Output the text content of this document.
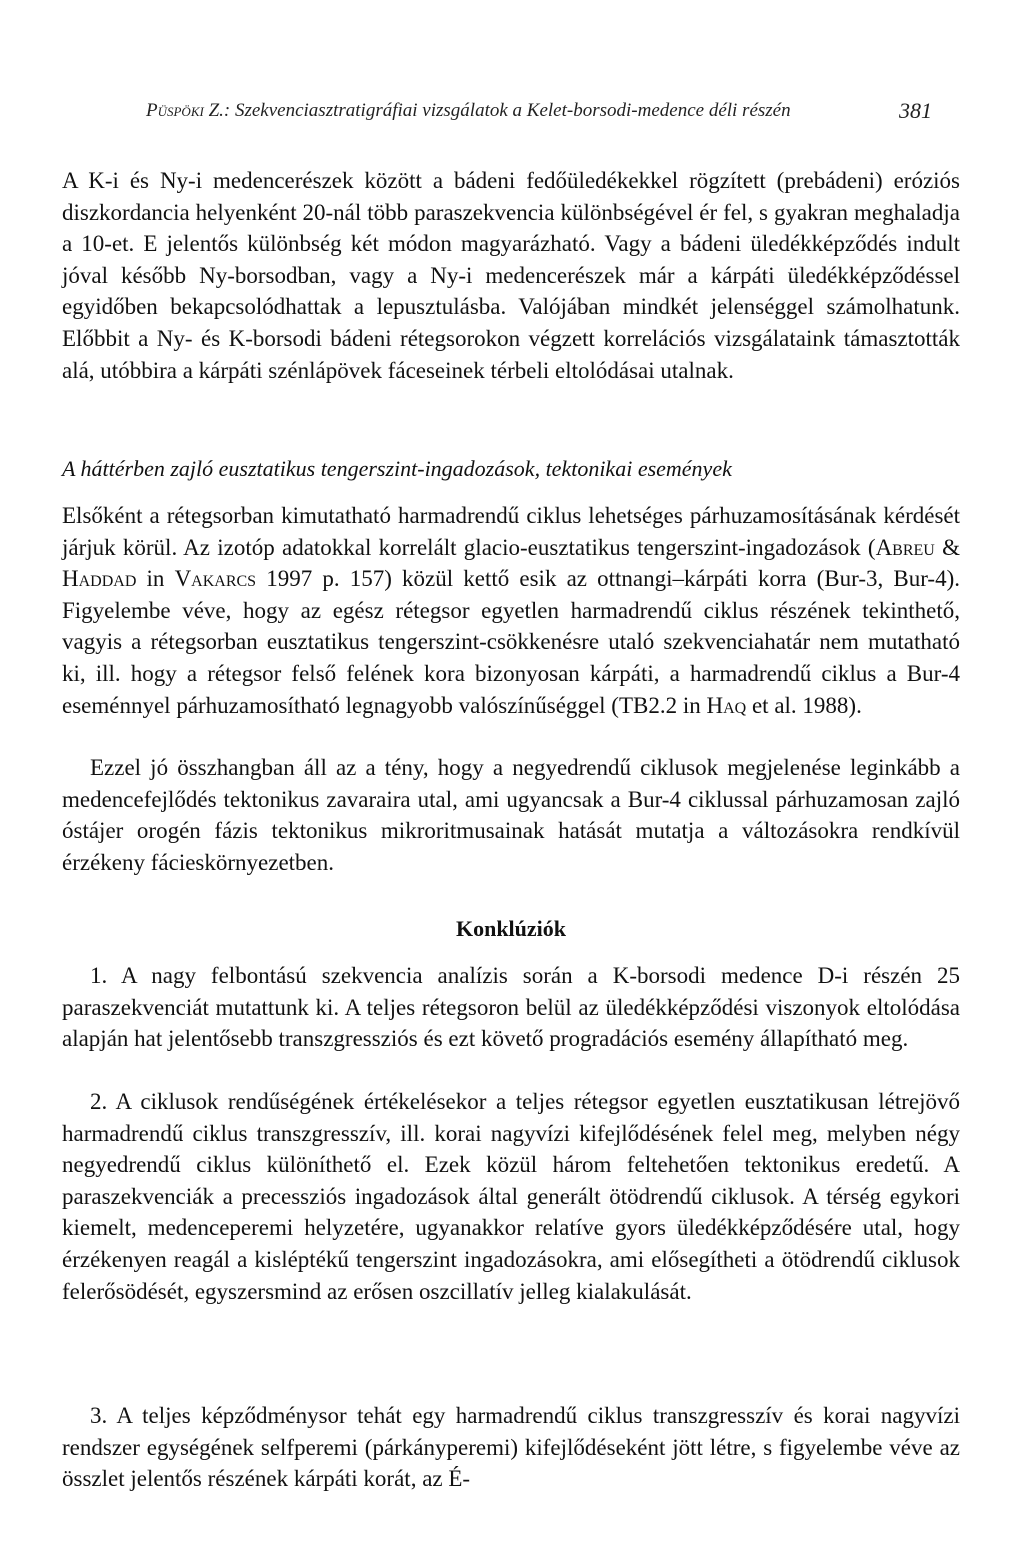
Püspöki Z.: Szekvenciasztratigráfiai vizsgálatok a Kelet-borsodi-medence déli részén	381

A K-i és Ny-i medencerészek között a bádeni fedőüledékekkel rögzített (prebádeni) eróziós diszkordancia helyenként 20-nál több paraszekvencia különbségével ér fel, s gyakran meghaladja a 10-et. E jelentős különbség két módon magyarázható. Vagy a bádeni üledékképződés indult jóval később Ny-borsodban, vagy a Ny-i medencerészek már a kárpáti üledékképződéssel egyidőben bekapcsolódhattak a lepusztulásba. Valójában mindkét jelenséggel számolhatunk. Előbbit a Ny- és K-borsodi bádeni rétegsorokon végzett korrelációs vizsgálataink támasztották alá, utóbbira a kárpáti szénlápövek fáceseinek térbeli eltolódásai utalnak.

A háttérben zajló eusztatikus tengerszint-ingadozások, tektonikai események

Elsőként a rétegsorban kimutatható harmadrendű ciklus lehetséges párhuzamosításának kérdését járjuk körül. Az izotóp adatokkal korrelált glacio-eusztatikus tengerszint-ingadozások (Abreu & Haddad in Vakarcs 1997 p. 157) közül kettő esik az ottnangi–kárpáti korra (Bur-3, Bur-4). Figyelembe véve, hogy az egész rétegsor egyetlen harmadrendű ciklus részének tekinthető, vagyis a rétegsorban eusztatikus tengerszint-csökkenésre utaló szekvenciahatár nem mutatható ki, ill. hogy a rétegsor felső felének kora bizonyosan kárpáti, a harmadrendű ciklus a Bur-4 eseménnyel párhuzamosítható legnagyobb valószínűséggel (TB2.2 in Haq et al. 1988).

Ezzel jó összhangban áll az a tény, hogy a negyedrendű ciklusok megjelenése leginkább a medencefejlődés tektonikus zavaraira utal, ami ugyancsak a Bur-4 ciklussal párhuzamosan zajló óstájer orogén fázis tektonikus mikroritmusainak hatását mutatja a változásokra rendkívül érzékeny fácieskörnyezetben.

Konklúziók

1. A nagy felbontású szekvencia analízis során a K-borsodi medence D-i részén 25 paraszekvenciát mutattunk ki. A teljes rétegsoron belül az üledékképződési viszonyok eltolódása alapján hat jelentősebb transzgressziós és ezt követő progradációs esemény állapítható meg.

2. A ciklusok rendűségének értékelésekor a teljes rétegsor egyetlen eusztatikusan létrejövő harmadrendű ciklus transzgresszív, ill. korai nagyvízi kifejlődésének felel meg, melyben négy negyedrendű ciklus különíthető el. Ezek közül három feltehetően tektonikus eredetű. A paraszekvenciák a precessziós ingadozások által generált ötödrendű ciklusok. A térség egykori kiemelt, medenceperemi helyzetére, ugyanakkor relatíve gyors üledékképződésére utal, hogy érzékenyen reagál a kisléptékű tengerszint ingadozásokra, ami elősegítheti a ötödrendű ciklusok felerősödését, egyszersmind az erősen oszcillatív jelleg kialakulását.

3. A teljes képződménysor tehát egy harmadrendű ciklus transzgresszív és korai nagyvízi rendszer egységének selfperemi (párkányperemi) kifejlődéseként jött létre, s figyelembe véve az összlet jelentős részének kárpáti korát, az É-
